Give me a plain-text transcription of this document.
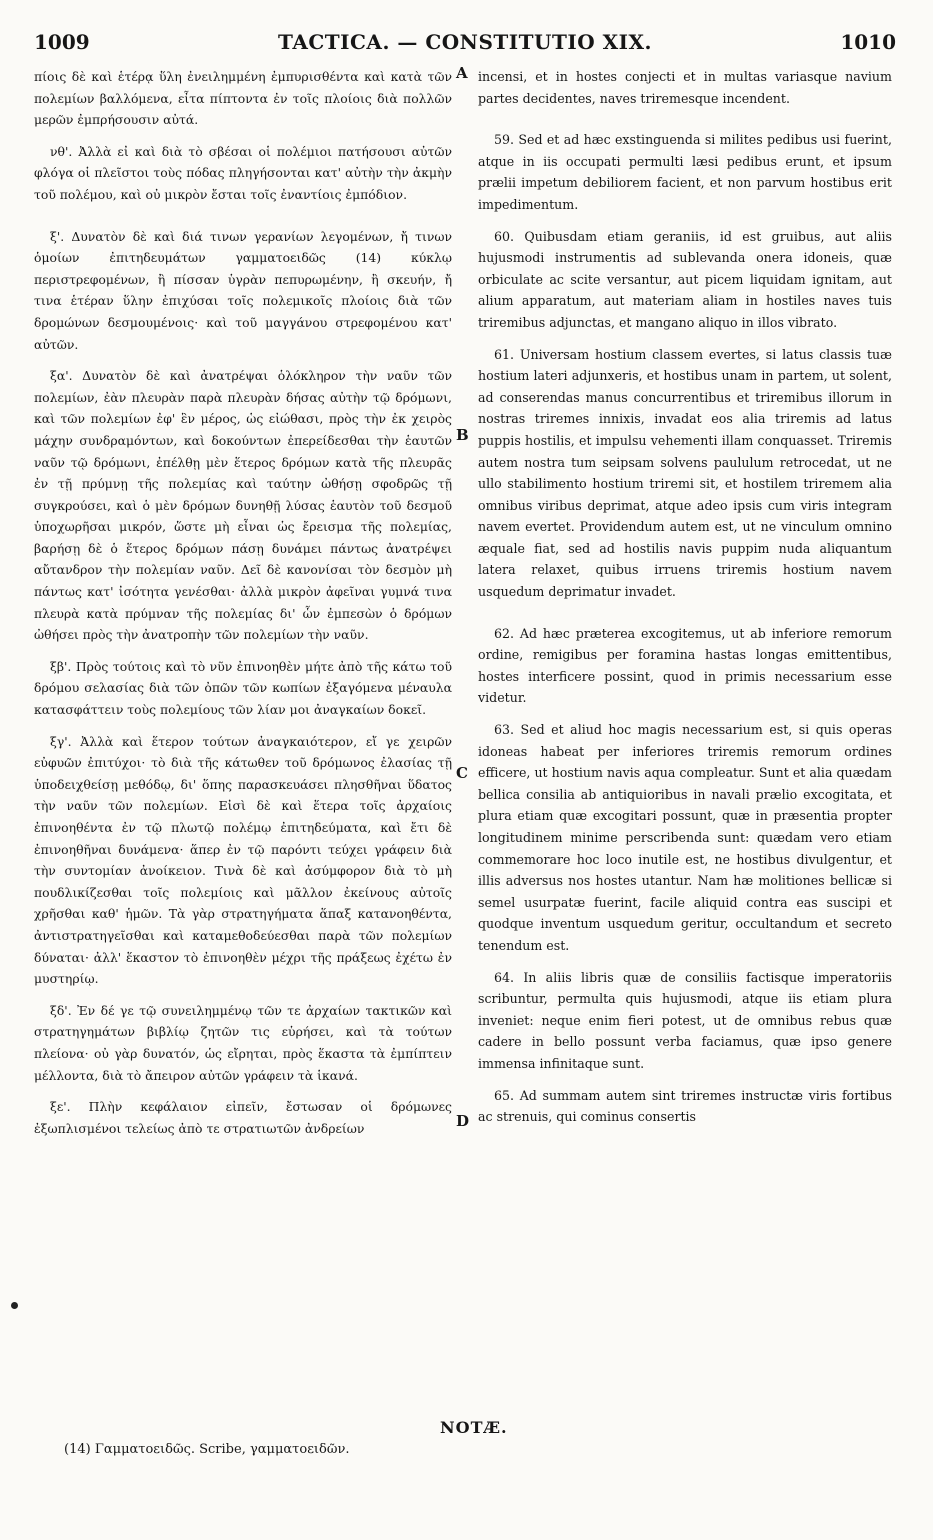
1009	TACTICA. — CONSTITUTIO XIX.	1010
A
B
C
D

πίοις δὲ καὶ ἑτέρᾳ ὕλη ἐνειλημμένη ἐμπυρισθέντα καὶ κατὰ τῶν πολεμίων βαλλόμενα, εἶτα πίπτοντα ἐν τοῖς πλοίοις διὰ πολλῶν μερῶν ἐμπρήσουσιν αὐτά.

νθ'. Ἀλλὰ εἰ καὶ διὰ τὸ σβέσαι οἱ πολέμιοι πατήσουσι αὐτῶν φλόγα οἱ πλεῖστοι τοὺς πόδας πληγήσονται κατ' αὐτὴν τὴν ἀκμὴν τοῦ πολέμου, καὶ οὐ μικρὸν ἔσται τοῖς ἐναντίοις ἐμπόδιον.

ξ'. Δυνατὸν δὲ καὶ διά τινων γερανίων λεγομένων, ἤ τινων ὁμοίων ἐπιτηδευμάτων γαμματοειδῶς (14) κύκλῳ περιστρεφομένων, ἢ πίσσαν ὑγρὰν πεπυρωμένην, ἢ σκευήν, ἤ τινα ἑτέραν ὕλην ἐπιχύσαι τοῖς πολεμικοῖς πλοίοις διὰ τῶν δρομώνων δεσμουμένοις· καὶ τοῦ μαγγάνου στρεφομένου κατ' αὐτῶν.

ξα'. Δυνατὸν δὲ καὶ ἀνατρέψαι ὁλόκληρον τὴν ναῦν τῶν πολεμίων, ἐὰν πλευρὰν παρὰ πλευρὰν δήσας αὐτὴν τῷ δρόμωνι, καὶ τῶν πολεμίων ἐφ' ἓν μέρος, ὡς εἰώθασι, πρὸς τὴν ἐκ χειρὸς μάχην συνδραμόντων, καὶ δοκούντων ἐπερείδεσθαι τὴν ἑαυτῶν ναῦν τῷ δρόμωνι, ἐπέλθῃ μὲν ἕτερος δρόμων κατὰ τῆς πλευρᾶς ἐν τῇ πρύμνῃ τῆς πολεμίας καὶ ταύτην ὠθήσῃ σφοδρῶς τῇ συγκρούσει, καὶ ὁ μὲν δρόμων δυνηθῇ λύσας ἑαυτὸν τοῦ δεσμοῦ ὑποχωρῆσαι μικρόν, ὥστε μὴ εἶναι ὡς ἔρεισμα τῆς πολεμίας, βαρήσῃ δὲ ὁ ἕτερος δρόμων πάσῃ δυνάμει πάντως ἀνατρέψει αὔτανδρον τὴν πολεμίαν ναῦν. Δεῖ δὲ κανονίσαι τὸν δεσμὸν μὴ πάντως κατ' ἰσότητα γενέσθαι· ἀλλὰ μικρὸν ἀφεῖναι γυμνά τινα πλευρὰ κατὰ πρύμναν τῆς πολεμίας δι' ὧν ἐμπεσὼν ὁ δρόμων ὠθήσει πρὸς τὴν ἀνατροπὴν τῶν πολεμίων τὴν ναῦν.

ξβ'. Πρὸς τούτοις καὶ τὸ νῦν ἐπινοηθὲν μήτε ἀπὸ τῆς κάτω τοῦ δρόμου σελασίας διὰ τῶν ὀπῶν τῶν κωπίων ἐξαγόμενα μέναυλα κατασφάττειν τοὺς πολεμίους τῶν λίαν μοι ἀναγκαίων δοκεῖ.

ξγ'. Ἀλλὰ καὶ ἕτερον τούτων ἀναγκαιότερον, εἴ γε χειρῶν εὐφυῶν ἐπιτύχοι· τὸ διὰ τῆς κάτωθεν τοῦ δρόμωνος ἐλασίας τῇ ὑποδειχθείσῃ μεθόδῳ, δι' ὅπης παρασκευάσει πλησθῆναι ὕδατος τὴν ναῦν τῶν πολεμίων. Εἰσὶ δὲ καὶ ἕτερα τοῖς ἀρχαίοις ἐπινοηθέντα ἐν τῷ πλωτῷ πολέμῳ ἐπιτηδεύματα, καὶ ἔτι δὲ ἐπινοηθῆναι δυνάμενα· ἅπερ ἐν τῷ παρόντι τεύχει γράφειν διὰ τὴν συντομίαν ἀνοίκειον. Τινὰ δὲ καὶ ἀσύμφορον διὰ τὸ μὴ πουδλικίζεσθαι τοῖς πολεμίοις καὶ μᾶλλον ἐκείνους αὐτοῖς χρῆσθαι καθ' ἡμῶν. Τὰ γὰρ στρατηγήματα ἅπαξ κατανοηθέντα, ἀντιστρατηγεῖσθαι καὶ καταμεθοδεύεσθαι παρὰ τῶν πολεμίων δύναται· ἀλλ' ἕκαστον τὸ ἐπινοηθὲν μέχρι τῆς πράξεως ἐχέτω ἐν μυστηρίῳ.

ξδ'. Ἐν δέ γε τῷ συνειλημμένῳ τῶν τε ἀρχαίων τακτικῶν καὶ στρατηγημάτων βιβλίῳ ζητῶν τις εὑρήσει, καὶ τὰ τούτων πλείονα· οὐ γὰρ δυνατόν, ὡς εἴρηται, πρὸς ἕκαστα τὰ ἐμπίπτειν μέλλοντα, διὰ τὸ ἄπειρον αὐτῶν γράφειν τὰ ἱκανά.

ξε'. Πλὴν κεφάλαιον εἰπεῖν, ἔστωσαν οἱ δρόμωνες ἐξωπλισμένοι τελείως ἀπὸ τε στρατιωτῶν ἀνδρείων

incensi, et in hostes conjecti et in multas variasque navium partes decidentes, naves triremesque incendent.

59. Sed et ad hæc exstinguenda si milites pedibus usi fuerint, atque in iis occupati permulti læsi pedibus erunt, et ipsum prælii impetum debiliorem facient, et non parvum hostibus erit impedimentum.

60. Quibusdam etiam geraniis, id est gruibus, aut aliis hujusmodi instrumentis ad sublevanda onera idoneis, quæ orbiculate ac scite versantur, aut picem liquidam ignitam, aut alium apparatum, aut materiam aliam in hostiles naves tuis triremibus adjunctas, et mangano aliquo in illos vibrato.

61. Universam hostium classem evertes, si latus classis tuæ hostium lateri adjunxeris, et hostibus unam in partem, ut solent, ad conserendas manus concurrentibus et triremibus illorum in nostras triremes innixis, invadat eos alia triremis ad latus puppis hostilis, et impulsu vehementi illam conquasset. Triremis autem nostra tum seipsam solvens paululum retrocedat, ut ne ullo stabilimento hostium triremi sit, et hostilem triremem alia omnibus viribus deprimat, atque adeo ipsis cum viris integram navem evertet. Providendum autem est, ut ne vinculum omnino æquale fiat, sed ad hostilis navis puppim nuda aliquantum latera relaxet, quibus irruens triremis hostium navem usquedum deprimatur invadet.

62. Ad hæc præterea excogitemus, ut ab inferiore remorum ordine, remigibus per foramina hastas longas emittentibus, hostes interficere possint, quod in primis necessarium esse videtur.

63. Sed et aliud hoc magis necessarium est, si quis operas idoneas habeat per inferiores triremis remorum ordines efficere, ut hostium navis aqua compleatur. Sunt et alia quædam bellica consilia ab antiquioribus in navali prælio excogitata, et plura etiam quæ excogitari possunt, quæ in præsentia propter longitudinem minime perscribenda sunt: quædam vero etiam commemorare hoc loco inutile est, ne hostibus divulgentur, et illis adversus nos hostes utantur. Nam hæ molitiones bellicæ si semel usurpatæ fuerint, facile aliquid contra eas suscipi et quodque inventum usquedum geritur, occultandum et secreto tenendum est.

64. In aliis libris quæ de consiliis factisque imperatoriis scribuntur, permulta quis hujusmodi, atque iis etiam plura inveniet: neque enim fieri potest, ut de omnibus rebus quæ cadere in bello possunt verba faciamus, quæ ipso genere immensa infinitaque sunt.

65. Ad summam autem sint triremes instructæ viris fortibus ac strenuis, qui cominus consertis

NOTÆ.
(14) Γαμματοειδῶς. Scribe, γαμματοειδῶν.
